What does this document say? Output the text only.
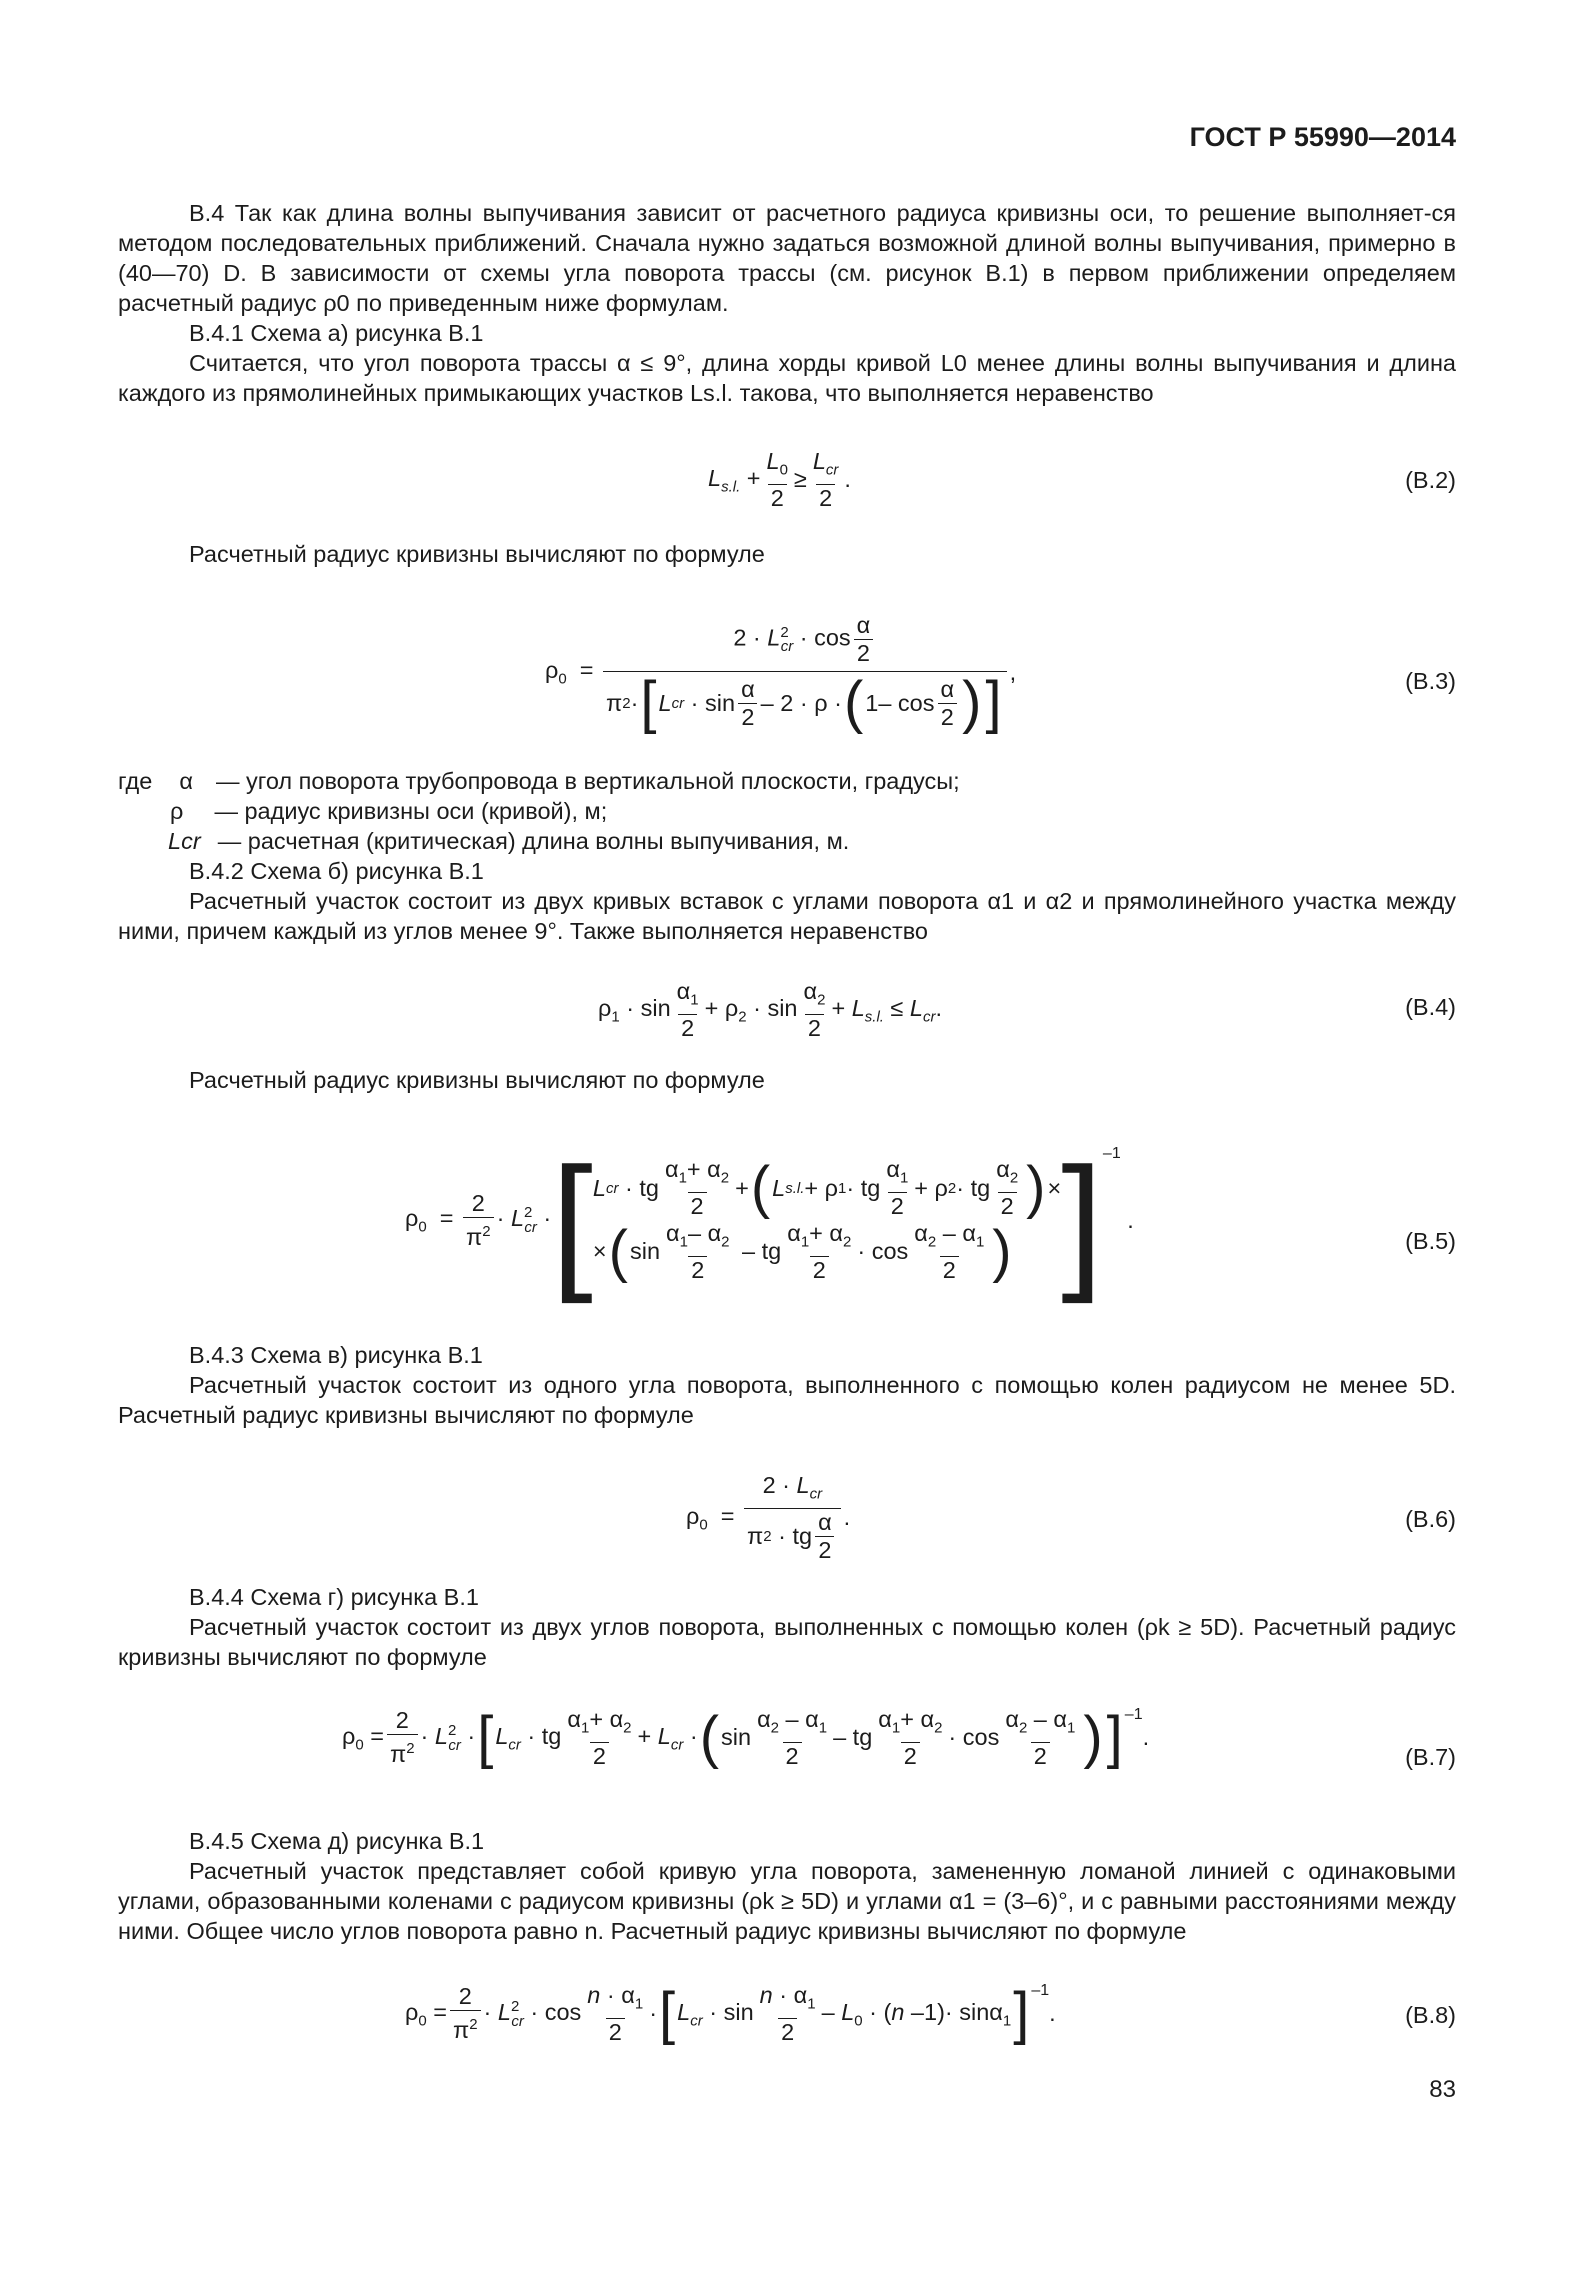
ГОСТ Р 55990—2014
В.4 Так как длина волны выпучивания зависит от расчетного радиуса кривизны оси, то решение выполняет-ся методом последовательных приближений. Сначала нужно задаться возможной длиной волны выпучивания, примерно в (40—70) D. В зависимости от схемы угла поворота трассы (см. рисунок В.1) в первом приближении определяем расчетный радиус ρ0 по приведенным ниже формулам.
В.4.1 Схема а) рисунка В.1
Считается, что угол поворота трассы α ≤ 9°, длина хорды кривой L0 менее длины волны выпучивания и длина каждого из прямолинейных примыкающих участков Ls.l. такова, что выполняется неравенство
$L_{s.l.} + \frac{L_0}{2} \ge \frac{L_{cr}}{2}$ .	(В.2)
Расчетный радиус кривизны вычисляют по формуле
$\rho_0 = \frac{2 \cdot L^2_{cr} \cdot \cos \frac{\alpha}{2}}{\pi 2 \cdot [ L cr \cdot \sin \frac{\alpha}{2} - 2 \cdot \rho \cdot ( 1- \cos \frac{\alpha}{2} ) ]}$ ,	(В.3)
где α — угол поворота трубопровода в вертикальной плоскости, градусы;
ρ — радиус кривизны оси (кривой), м;
Lcr — расчетная (критическая) длина волны выпучивания, м.
В.4.2 Схема б) рисунка В.1
Расчетный участок состоит из двух кривых вставок с углами поворота α1 и α2 и прямолинейного участка между ними, причем каждый из углов менее 9°. Также выполняется неравенство
$\rho_1 \cdot \sin \frac{\alpha_1}{2} + \rho_2 \cdot \sin \frac{\alpha_2}{2} + L_{s.l.} \le L_{cr}$.	(В.4)
Расчетный радиус кривизны вычисляют по формуле
$\rho_0 = \frac{2}{\pi^2} \cdot L^2_{cr}$ · [ L cr · tg $\frac{\alpha_1+ \alpha_2}{2}$ + ( L s.l. + ρ 1 · tg $\frac{\alpha_1}{2} + \rho$ 2 · tg $\frac{\alpha_2}{2}$ ) ×
× ( $\sin \frac{\alpha_1- \alpha_2}{2}$ – tg $\frac{\alpha_1+ \alpha_2}{2} \cdot \cos \frac{\alpha_2 - \alpha_1}{2}$ ) ] –1
.
(В.5)
В.4.3 Схема в) рисунка В.1
Расчетный участок состоит из одного угла поворота, выполненного с помощью колен радиусом не менее 5D. Расчетный радиус кривизны вычисляют по формуле
$\rho_0 = \frac{2 \cdot L_{cr}}{\pi 2 \cdot tg \frac{\alpha}{2}}$ .	(В.6)
В.4.4 Схема г) рисунка В.1
Расчетный участок состоит из двух углов поворота, выполненных с помощью колен (ρk ≥ 5D). Расчетный радиус кривизны вычисляют по формуле
$\rho_0 = \frac{2}{\pi^2} \cdot L^2_{cr}$ · [ $L_{cr}$ · tg $\frac{\alpha_1+ \alpha_2}{2} + L_{cr}$ · ( $\sin \frac{\alpha_2 - \alpha_1}{2}$ – tg $\frac{\alpha_1+ \alpha_2}{2} \cdot \cos \frac{\alpha_2 - \alpha_1}{2}$ ) ] –1
.
(В.7)
В.4.5 Схема д) рисунка В.1
Расчетный участок представляет собой кривую угла поворота, замененную ломаной линией с одинаковыми углами, образованными коленами с радиусом кривизны (ρk ≥ 5D) и углами α1 = (3–6)°, и с равными расстояниями между ними. Общее число углов поворота равно n. Расчетный радиус кривизны вычисляют по формуле
$\rho_0 = \frac{2}{\pi^2} \cdot L^2_{cr} \cdot \cos \frac{n \cdot \alpha_1}{2}$ · [ $L_{cr} \cdot \sin \frac{n \cdot \alpha_1}{2} - L_0 \cdot (n$ –1)· sinα$_1$ ] –1
.	(В.8)
83
